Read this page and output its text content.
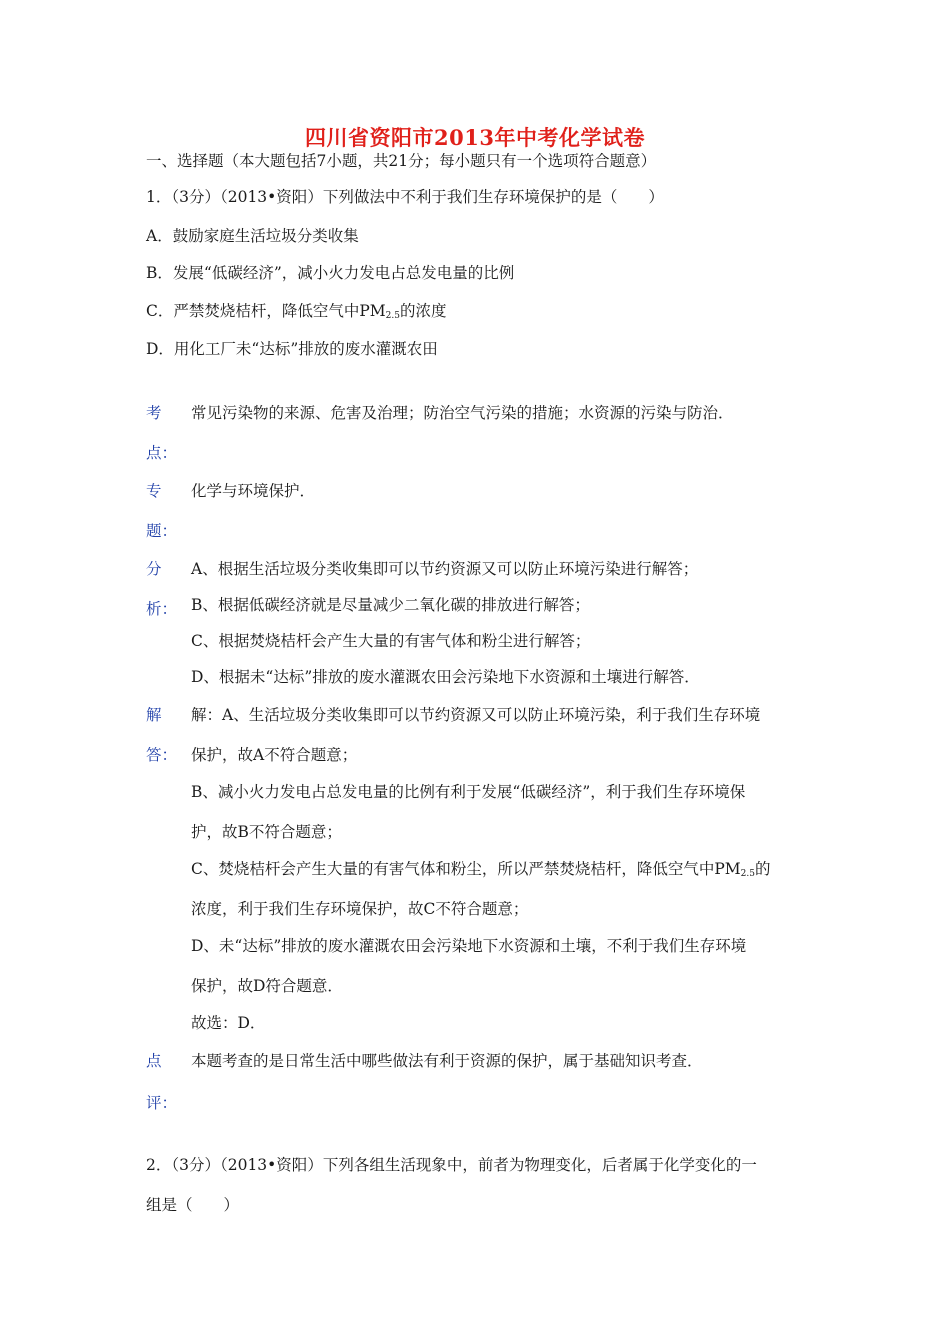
四川省资阳市2013年中考化学试卷
一、选择题（本大题包括7小题，共21分；每小题只有一个选项符合题意）
1．（3分）（2013•资阳）下列做法中不利于我们生存环境保护的是（　　）
A．鼓励家庭生活垃圾分类收集
B．发展“低碳经济”，减小火力发电占总发电量的比例
C．严禁焚烧桔杆，降低空气中$PM_{2.5}$的浓度
D．用化工厂未“达标”排放的废水灌溉农田
考
点：
常见污染物的来源、危害及治理；防治空气污染的措施；水资源的污染与防治．
专
题：
化学与环境保护．
分
析：
A、根据生活垃圾分类收集即可以节约资源又可以防止环境污染进行解答；
B、根据低碳经济就是尽量减少二氧化碳的排放进行解答；
C、根据焚烧桔杆会产生大量的有害气体和粉尘进行解答；
D、根据未“达标”排放的废水灌溉农田会污染地下水资源和土壤进行解答．
解
答：
解：A、生活垃圾分类收集即可以节约资源又可以防止环境污染，利于我们生存环境
保护，故A不符合题意；
B、减小火力发电占总发电量的比例有利于发展“低碳经济”，利于我们生存环境保
护，故B不符合题意；
C、焚烧桔杆会产生大量的有害气体和粉尘，所以严禁焚烧桔杆，降低空气中$PM_{2.5}$的
浓度，利于我们生存环境保护，故C不符合题意；
D、未“达标”排放的废水灌溉农田会污染地下水资源和土壤，不利于我们生存环境
保护，故D符合题意．
故选：D．
点
评：
本题考查的是日常生活中哪些做法有利于资源的保护，属于基础知识考查．
2．（3分）（2013•资阳）下列各组生活现象中，前者为物理变化，后者属于化学变化的一
组是（　　）
